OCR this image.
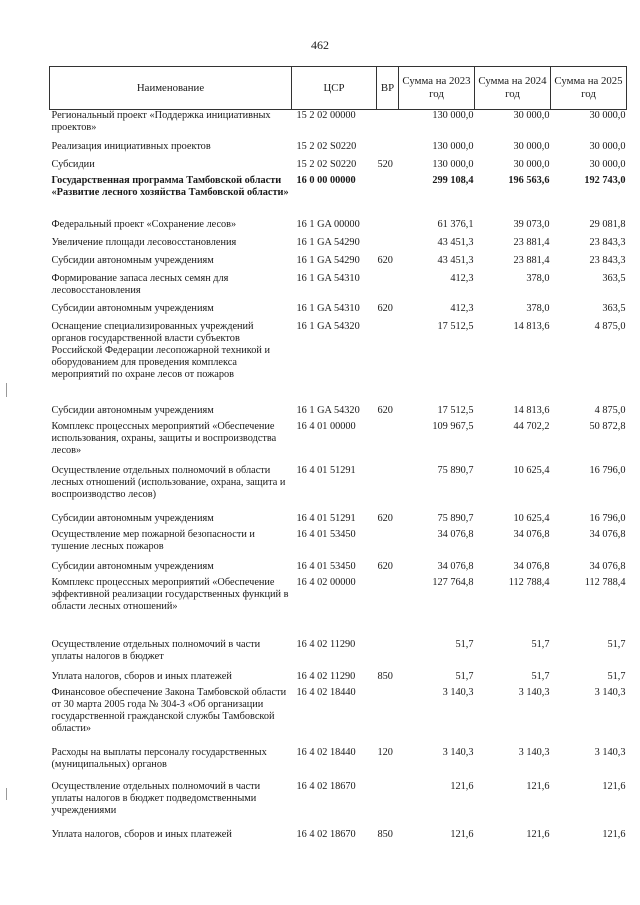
462
Наименование	ЦСР	ВР	Сумма на 2023 год	Сумма на 2024 год	Сумма на 2025 год
Региональный проект «Поддержка инициативных проектов»	15 2 02 00000		130 000,0	30 000,0	30 000,0
Реализация инициативных проектов	15 2 02 S0220		130 000,0	30 000,0	30 000,0
Субсидии	15 2 02 S0220	520	130 000,0	30 000,0	30 000,0
Государственная программа Тамбовской области «Развитие лесного хозяйства Тамбовской области»	16 0 00 00000		299 108,4	196 563,6	192 743,0
Федеральный проект «Сохранение лесов»	16 1 GA 00000		61 376,1	39 073,0	29 081,8
Увеличение площади лесовосстановления	16 1 GA 54290		43 451,3	23 881,4	23 843,3
Субсидии автономным учреждениям	16 1 GA 54290	620	43 451,3	23 881,4	23 843,3
Формирование запаса лесных семян для лесовосстановления	16 1 GA 54310		412,3	378,0	363,5
Субсидии автономным учреждениям	16 1 GA 54310	620	412,3	378,0	363,5
Оснащение специализированных учреждений органов государственной власти субъектов Российской Федерации лесопожарной техникой и оборудованием для проведения комплекса мероприятий по охране лесов от пожаров	16 1 GA 54320		17 512,5	14 813,6	4 875,0
Субсидии автономным учреждениям	16 1 GA 54320	620	17 512,5	14 813,6	4 875,0
Комплекс процессных мероприятий «Обеспечение использования, охраны, защиты и воспроизводства лесов»	16 4 01 00000		109 967,5	44 702,2	50 872,8
Осуществление отдельных полномочий в области лесных отношений (использование, охрана, защита и воспроизводство лесов)	16 4 01 51291		75 890,7	10 625,4	16 796,0
Субсидии автономным учреждениям	16 4 01 51291	620	75 890,7	10 625,4	16 796,0
Осуществление мер пожарной безопасности и тушение лесных пожаров	16 4 01 53450		34 076,8	34 076,8	34 076,8
Субсидии автономным учреждениям	16 4 01 53450	620	34 076,8	34 076,8	34 076,8
Комплекс процессных мероприятий «Обеспечение эффективной реализации государственных функций в области лесных отношений»	16 4 02 00000		127 764,8	112 788,4	112 788,4
Осуществление отдельных полномочий в части уплаты налогов в бюджет	16 4 02 11290		51,7	51,7	51,7
Уплата налогов, сборов и иных платежей	16 4 02 11290	850	51,7	51,7	51,7
Финансовое обеспечение Закона Тамбовской области от 30 марта 2005 года № 304-З «Об организации государственной гражданской службы Тамбовской области»	16 4 02 18440		3 140,3	3 140,3	3 140,3
Расходы на выплаты персоналу государственных (муниципальных) органов	16 4 02 18440	120	3 140,3	3 140,3	3 140,3
Осуществление отдельных полномочий в части уплаты налогов в бюджет подведомственными учреждениями	16 4 02 18670		121,6	121,6	121,6
Уплата налогов, сборов и иных платежей	16 4 02 18670	850	121,6	121,6	121,6
